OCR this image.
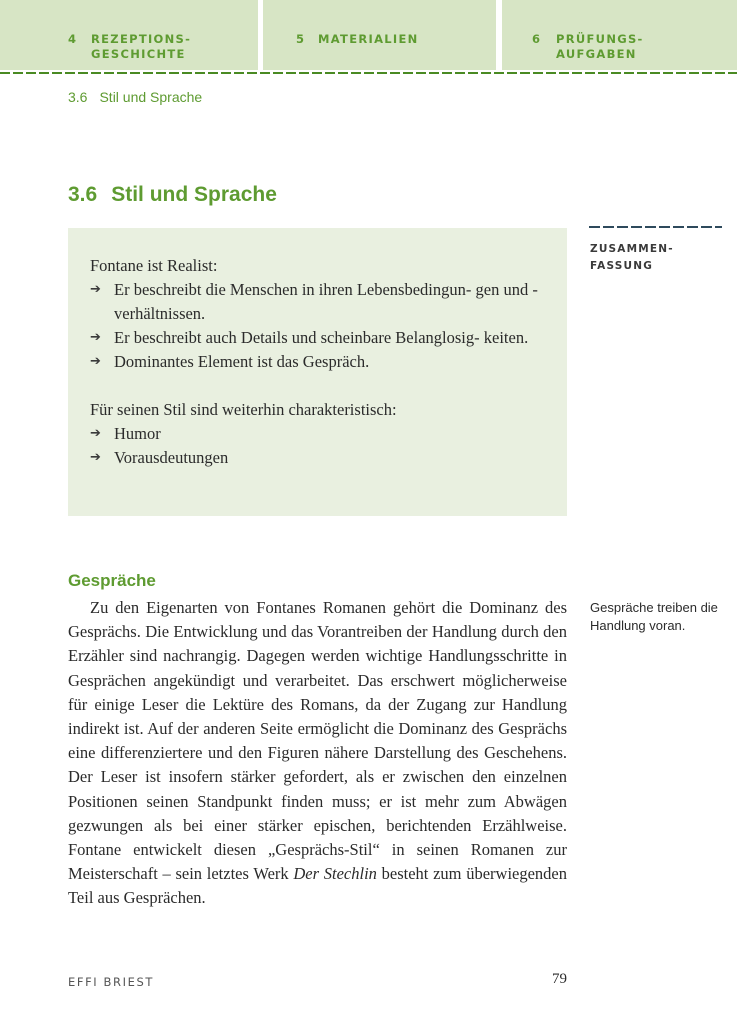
4 REZEPTIONS-
GESCHICHTE
5 MATERIALIEN	6 PRÜFUNGS-
AUFGABEN
3.6 Stil und Sprache
3.6 Stil und Sprache
ZUSAMMEN-
FASSUNG

Fontane ist Realist:

➔ Er beschreibt die Menschen in ihren Lebensbedingun- gen und -verhältnissen.
➔ Er beschreibt auch Details und scheinbare Belanglosig- keiten.
➔ Dominantes Element ist das Gespräch.

Für seinen Stil sind weiterhin charakteristisch:

➔ Humor
➔ Vorausdeutungen
Gespräche

Zu den Eigenarten von Fontanes Romanen gehört die Dominanz des Gesprächs. Die Entwicklung und das Vorantreiben der Handlung durch den Erzähler sind nachrangig. Dagegen werden wichtige Handlungsschritte in Gesprächen angekündigt und verarbeitet. Das erschwert möglicherweise für einige Leser die Lektüre des Romans, da der Zugang zur Handlung indirekt ist. Auf der anderen Seite ermöglicht die Dominanz des Gesprächs eine differenziertere und den Figuren nähere Darstellung des Geschehens. Der Leser ist insofern stärker gefordert, als er zwischen den einzelnen Positionen seinen Standpunkt finden muss; er ist mehr zum Abwägen gezwungen als bei einer stärker epischen, berichtenden Erzählweise. Fontane entwickelt diesen „Gesprächs-Stil“ in seinen Romanen zur Meisterschaft – sein letztes Werk Der Stechlin besteht zum überwiegenden Teil aus Gesprächen.

Gespräche treiben die Handlung voran.
EFFI BRIEST	79
